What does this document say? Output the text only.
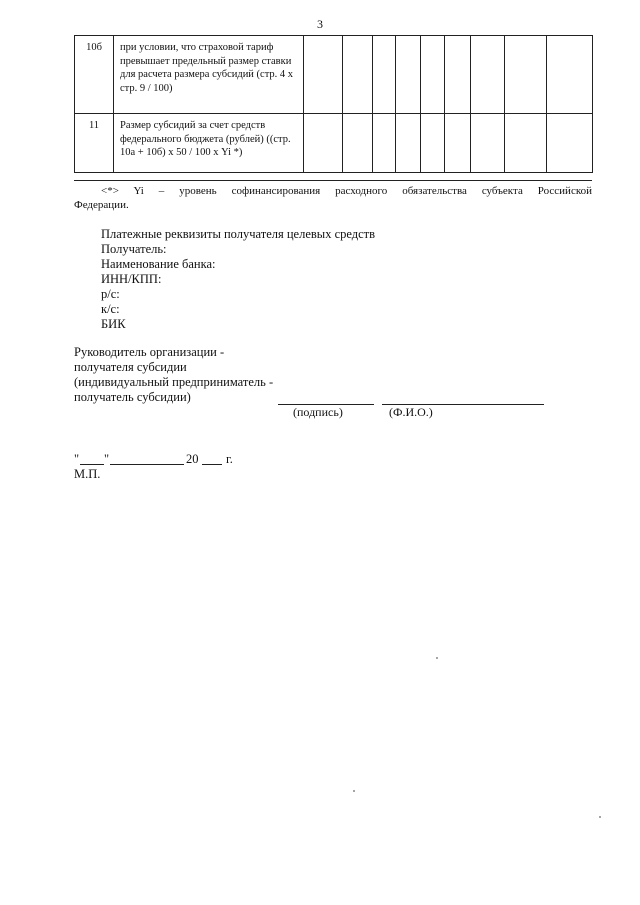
3
10б	при условии, что страховой тариф превышает предельный размер ставки для расчета размера субсидий (стр. 4 х стр. 9 / 100)									
11	Размер субсидий за счет средств федерального бюджета (рублей) ((стр. 10а + 10б) х 50 / 100 х Yi *)									
<*> Yi – уровень софинансирования расходного обязательства субъекта Российской
Федерации.
Платежные реквизиты получателя целевых средств
Получатель:
Наименование банка:
ИНН/КПП:
р/с:
к/с:
БИК
Руководитель организации -
получателя субсидии
(индивидуальный предприниматель -
получатель субсидии)
(подпись)	(Ф.И.О.)
" "	20 г.
М.П.
